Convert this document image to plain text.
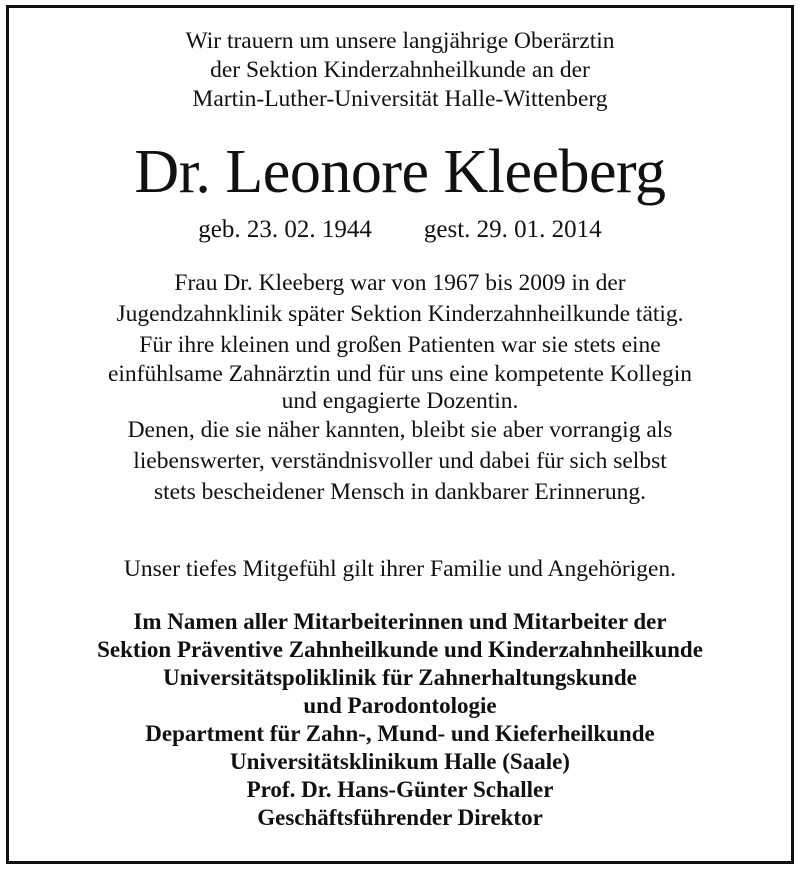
Wir trauern um unsere langjährige Oberärztin
der Sektion Kinderzahnheilkunde an der
Martin-Luther-Universität Halle-Wittenberg
Dr. Leonore Kleeberg
geb. 23. 02. 1944 gest. 29. 01. 2014
Frau Dr. Kleeberg war von 1967 bis 2009 in der
Jugendzahnklinik später Sektion Kinderzahnheilkunde tätig.
Für ihre kleinen und großen Patienten war sie stets eine
einfühlsame Zahnärztin und für uns eine kompetente Kollegin
und engagierte Dozentin.
Denen, die sie näher kannten, bleibt sie aber vorrangig als
liebenswerter, verständnisvoller und dabei für sich selbst
stets bescheidener Mensch in dankbarer Erinnerung.
Unser tiefes Mitgefühl gilt ihrer Familie und Angehörigen.
Im Namen aller Mitarbeiterinnen und Mitarbeiter der
Sektion Präventive Zahnheilkunde und Kinderzahnheilkunde
Universitätspoliklinik für Zahnerhaltungskunde
und Parodontologie
Department für Zahn-, Mund- und Kieferheilkunde
Universitätsklinikum Halle (Saale)
Prof. Dr. Hans-Günter Schaller
Geschäftsführender Direktor
